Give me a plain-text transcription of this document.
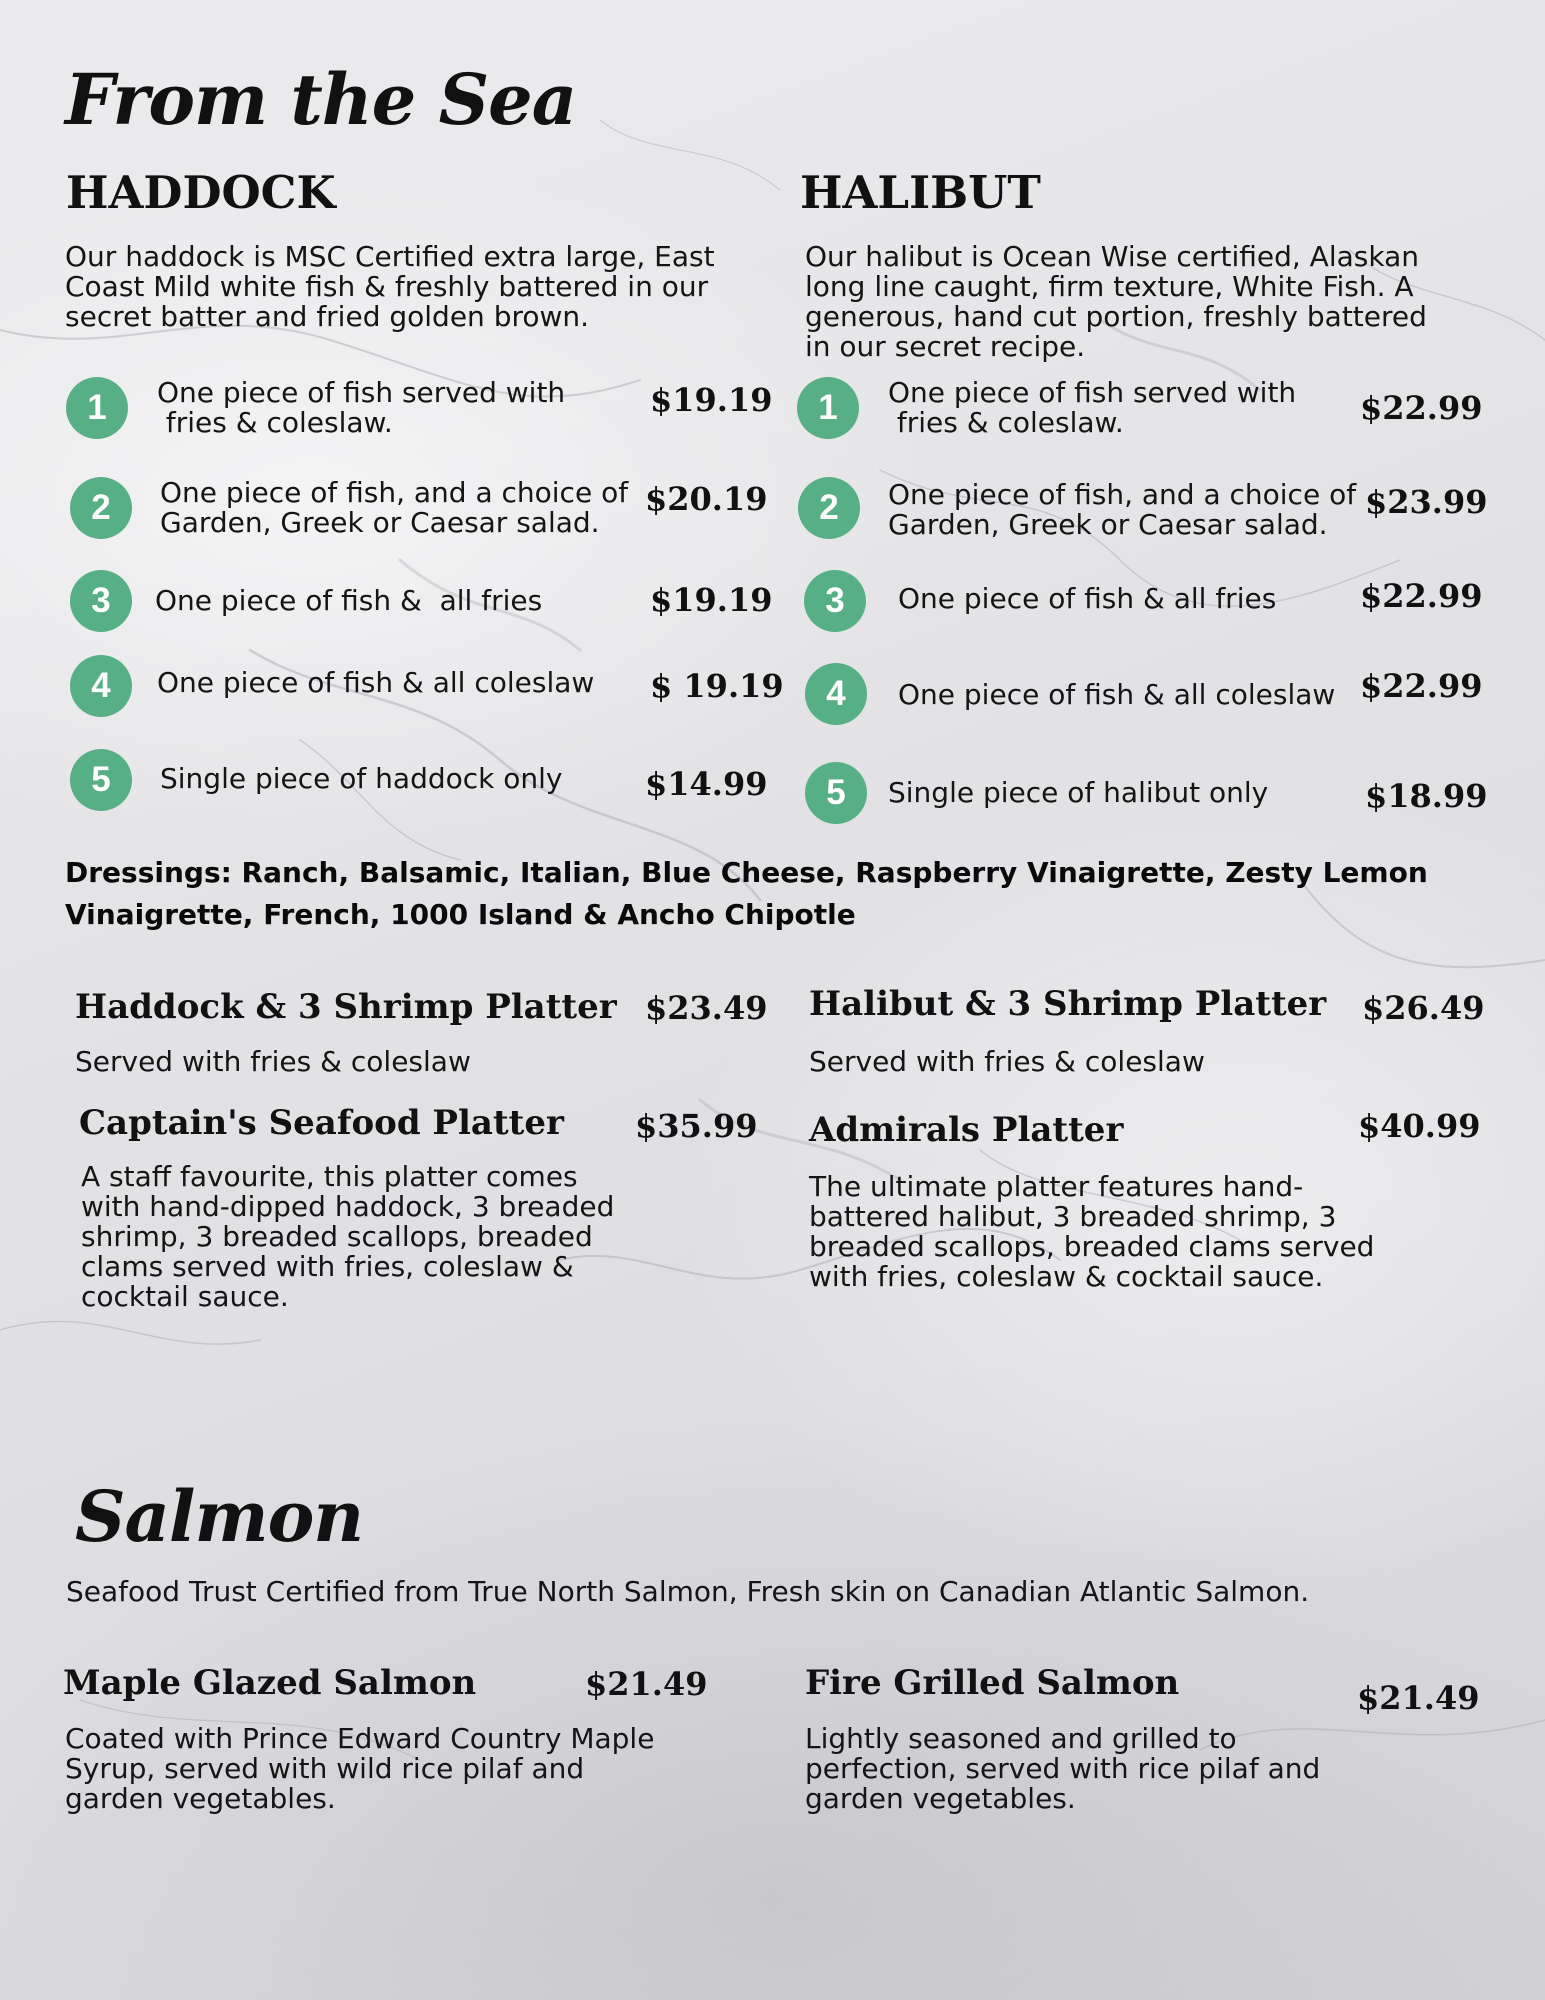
From the Sea
HADDOCK
Our haddock is MSC Certified extra large, East Coast Mild white fish & freshly battered in our secret batter and fried golden brown.
1	One piece of fish served with
fries & coleslaw.
$19.19
2	One piece of fish, and a choice of
Garden, Greek or Caesar salad.
$20.19
3	One piece of fish &  all fries	$19.19
4	One piece of fish & all coleslaw $ 19.19
5	Single piece of haddock only	$14.99
HALIBUT
Our halibut is Ocean Wise certified, Alaskan long line caught, firm texture, White Fish. A generous, hand cut portion, freshly battered in our secret recipe.
1	One piece of fish served with
fries & coleslaw.	$22.99
2	One piece of fish, and a choice of
Garden, Greek or Caesar salad.
$23.99
3	One piece of fish & all fries	$22.99
4	One piece of fish & all coleslaw $22.99
5	Single piece of halibut only	$18.99
Dressings: Ranch, Balsamic, Italian, Blue Cheese, Raspberry Vinaigrette, Zesty Lemon Vinaigrette, French, 1000 Island & Ancho Chipotle
Haddock & 3 Shrimp Platter $23.49
Served with fries & coleslaw
Halibut & 3 Shrimp Platter $26.49
Served with fries & coleslaw
Captain's Seafood Platter $35.99
A staff favourite, this platter comes with hand-dipped haddock, 3 breaded shrimp, 3 breaded scallops, breaded clams served with fries, coleslaw & cocktail sauce.
Admirals Platter	$40.99
The ultimate platter features hand-battered halibut, 3 breaded shrimp, 3 breaded scallops, breaded clams served with fries, coleslaw & cocktail sauce.
Salmon
Seafood Trust Certified from True North Salmon, Fresh skin on Canadian Atlantic Salmon.
Maple Glazed Salmon	$21.49
Coated with Prince Edward Country Maple Syrup, served with wild rice pilaf and garden vegetables.
Fire Grilled Salmon	$21.49
Lightly seasoned and grilled to perfection, served with rice pilaf and garden vegetables.
